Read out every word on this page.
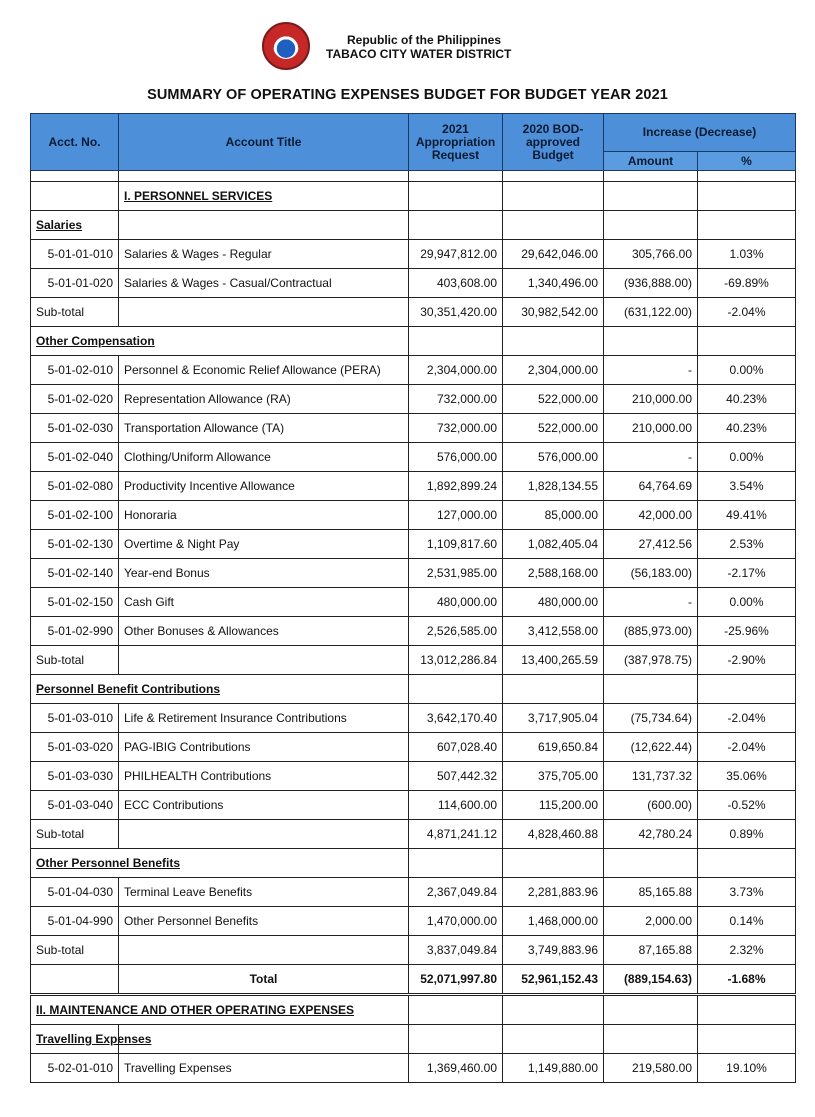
Republic of the Philippines
TABACO CITY WATER DISTRICT
SUMMARY OF OPERATING EXPENSES BUDGET FOR BUDGET YEAR 2021
Acct. No.	Account Title	2021 Appropriation Request	2020 BOD-approved Budget	Increase (Decrease)	
				Amount	%

	I. PERSONNEL SERVICES				
Salaries					
5-01-01-010	Salaries & Wages - Regular	29,947,812.00	29,642,046.00	305,766.00	1.03%
5-01-01-020	Salaries & Wages - Casual/Contractual	403,608.00	1,340,496.00	(936,888.00)	-69.89%
Sub-total		30,351,420.00	30,982,542.00	(631,122.00)	-2.04%
Other Compensation					
5-01-02-010	Personnel & Economic Relief Allowance (PERA)	2,304,000.00	2,304,000.00	-	0.00%
5-01-02-020	Representation Allowance (RA)	732,000.00	522,000.00	210,000.00	40.23%
5-01-02-030	Transportation Allowance (TA)	732,000.00	522,000.00	210,000.00	40.23%
5-01-02-040	Clothing/Uniform Allowance	576,000.00	576,000.00	-	0.00%
5-01-02-080	Productivity Incentive Allowance	1,892,899.24	1,828,134.55	64,764.69	3.54%
5-01-02-100	Honoraria	127,000.00	85,000.00	42,000.00	49.41%
5-01-02-130	Overtime & Night Pay	1,109,817.60	1,082,405.04	27,412.56	2.53%
5-01-02-140	Year-end Bonus	2,531,985.00	2,588,168.00	(56,183.00)	-2.17%
5-01-02-150	Cash Gift	480,000.00	480,000.00	-	0.00%
5-01-02-990	Other Bonuses & Allowances	2,526,585.00	3,412,558.00	(885,973.00)	-25.96%
Sub-total		13,012,286.84	13,400,265.59	(387,978.75)	-2.90%
Personnel Benefit Contributions					
5-01-03-010	Life & Retirement Insurance Contributions	3,642,170.40	3,717,905.04	(75,734.64)	-2.04%
5-01-03-020	PAG-IBIG Contributions	607,028.40	619,650.84	(12,622.44)	-2.04%
5-01-03-030	PHILHEALTH Contributions	507,442.32	375,705.00	131,737.32	35.06%
5-01-03-040	ECC Contributions	114,600.00	115,200.00	(600.00)	-0.52%
Sub-total		4,871,241.12	4,828,460.88	42,780.24	0.89%
Other Personnel Benefits					
5-01-04-030	Terminal Leave Benefits	2,367,049.84	2,281,883.96	85,165.88	3.73%
5-01-04-990	Other Personnel Benefits	1,470,000.00	1,468,000.00	2,000.00	0.14%
Sub-total		3,837,049.84	3,749,883.96	87,165.88	2.32%
	Total	52,071,997.80	52,961,152.43	(889,154.63)	-1.68%
II. MAINTENANCE AND OTHER OPERATING EXPENSES					
Travelling Expenses					
5-02-01-010	Travelling Expenses	1,369,460.00	1,149,880.00	219,580.00	19.10%
